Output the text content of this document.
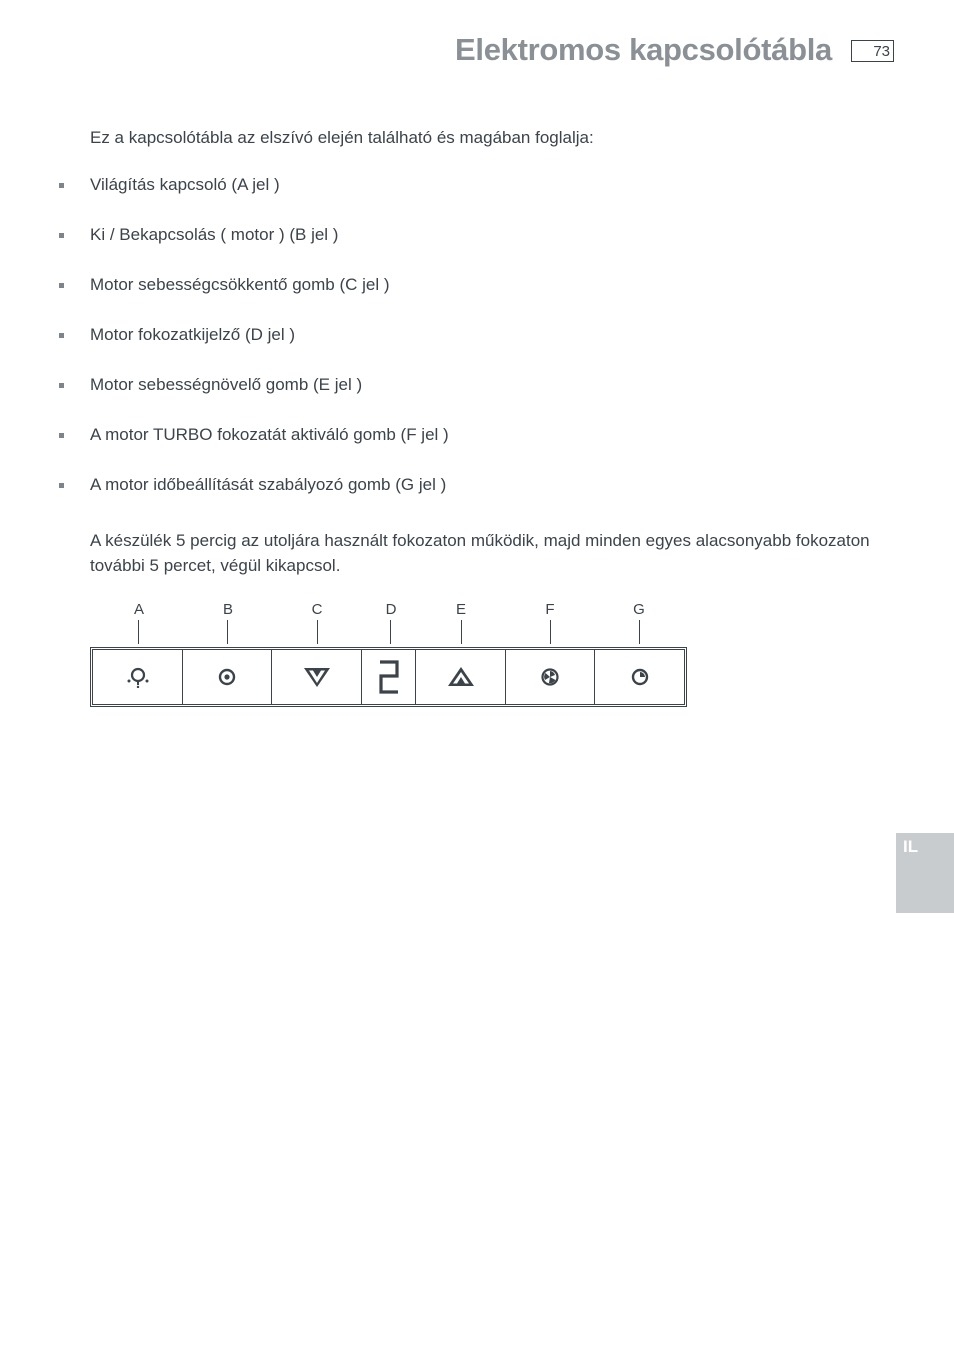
Elektromos kapcsolótábla	73
Ez a kapcsolótábla az elszívó elején található és magában foglalja:
Világítás kapcsoló (A jel )
Ki / Bekapcsolás ( motor ) (B jel )
Motor sebességcsökkentő gomb (C jel )
Motor fokozatkijelző (D jel )
Motor sebességnövelő gomb (E jel )
A motor TURBO fokozatát aktiváló gomb (F jel )
A motor időbeállítását szabályozó gomb (G jel )
A készülék 5 percig az utoljára használt fokozaton működik, majd minden egyes alacsonyabb fokozaton további 5 percet, végül kikapcsol.
A	B	C	D	E	F	G
IL
